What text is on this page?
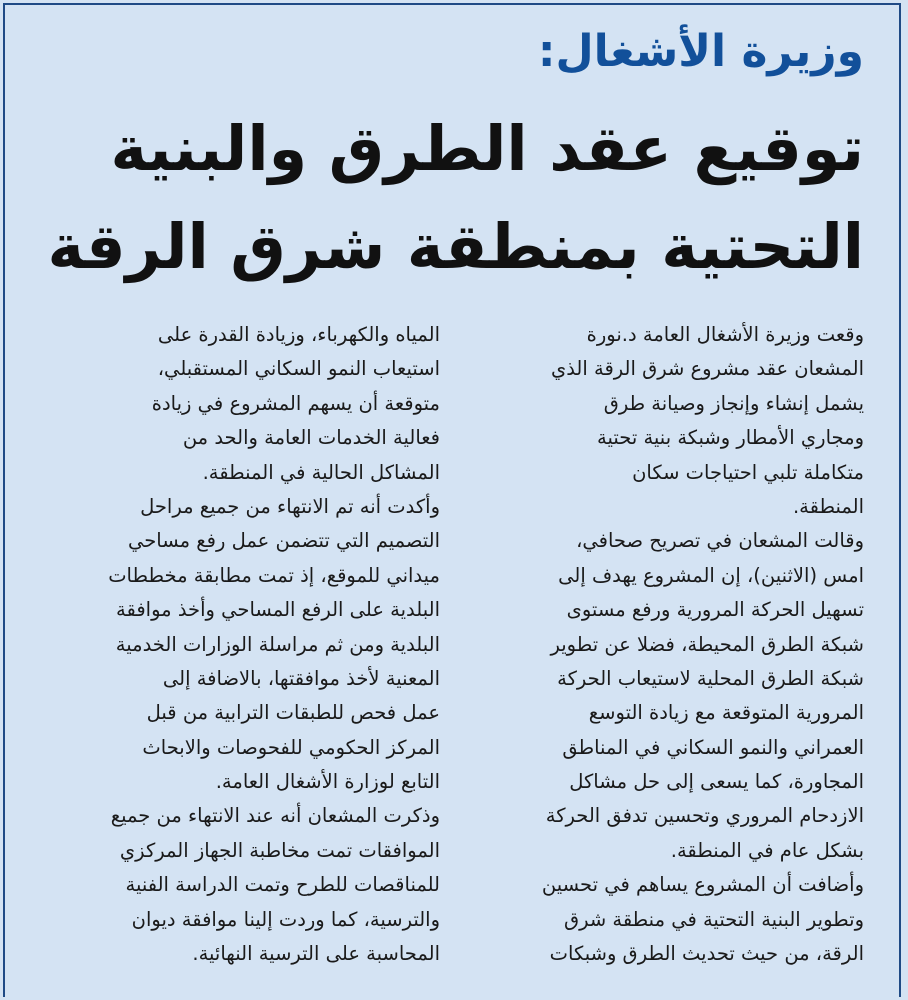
وزيرة الأشغال:
توقيع عقد الطرق والبنية
التحتية بمنطقة شرق الرقة
وقعت وزيرة الأشغال العامة د.نورة
المشعان عقد مشروع شرق الرقة الذي
يشمل إنشاء وإنجاز وصيانة طرق
ومجاري الأمطار وشبكة بنية تحتية
متكاملة تلبي احتياجات سكان
المنطقة.
وقالت المشعان في تصريح صحافي،
امس (الاثنين)، إن المشروع يهدف إلى
تسهيل الحركة المرورية ورفع مستوى
شبكة الطرق المحيطة، فضلا عن تطوير
شبكة الطرق المحلية لاستيعاب الحركة
المرورية المتوقعة مع زيادة التوسع
العمراني والنمو السكاني في المناطق
المجاورة، كما يسعى إلى حل مشاكل
الازدحام المروري وتحسين تدفق الحركة
بشكل عام في المنطقة.
وأضافت أن المشروع يساهم في تحسين
وتطوير البنية التحتية في منطقة شرق
الرقة، من حيث تحديث الطرق وشبكات
المياه والكهرباء، وزيادة القدرة على
استيعاب النمو السكاني المستقبلي،
متوقعة أن يسهم المشروع في زيادة
فعالية الخدمات العامة والحد من
المشاكل الحالية في المنطقة.
وأكدت أنه تم الانتهاء من جميع مراحل
التصميم التي تتضمن عمل رفع مساحي
ميداني للموقع، إذ تمت مطابقة مخططات
البلدية على الرفع المساحي وأخذ موافقة
البلدية ومن ثم مراسلة الوزارات الخدمية
المعنية لأخذ موافقتها، بالاضافة إلى
عمل فحص للطبقات الترابية من قبل
المركز الحكومي للفحوصات والابحاث
التابع لوزارة الأشغال العامة.
وذكرت المشعان أنه عند الانتهاء من جميع
الموافقات تمت مخاطبة الجهاز المركزي
للمناقصات للطرح وتمت الدراسة الفنية
والترسية، كما وردت إلينا موافقة ديوان
المحاسبة على الترسية النهائية.
